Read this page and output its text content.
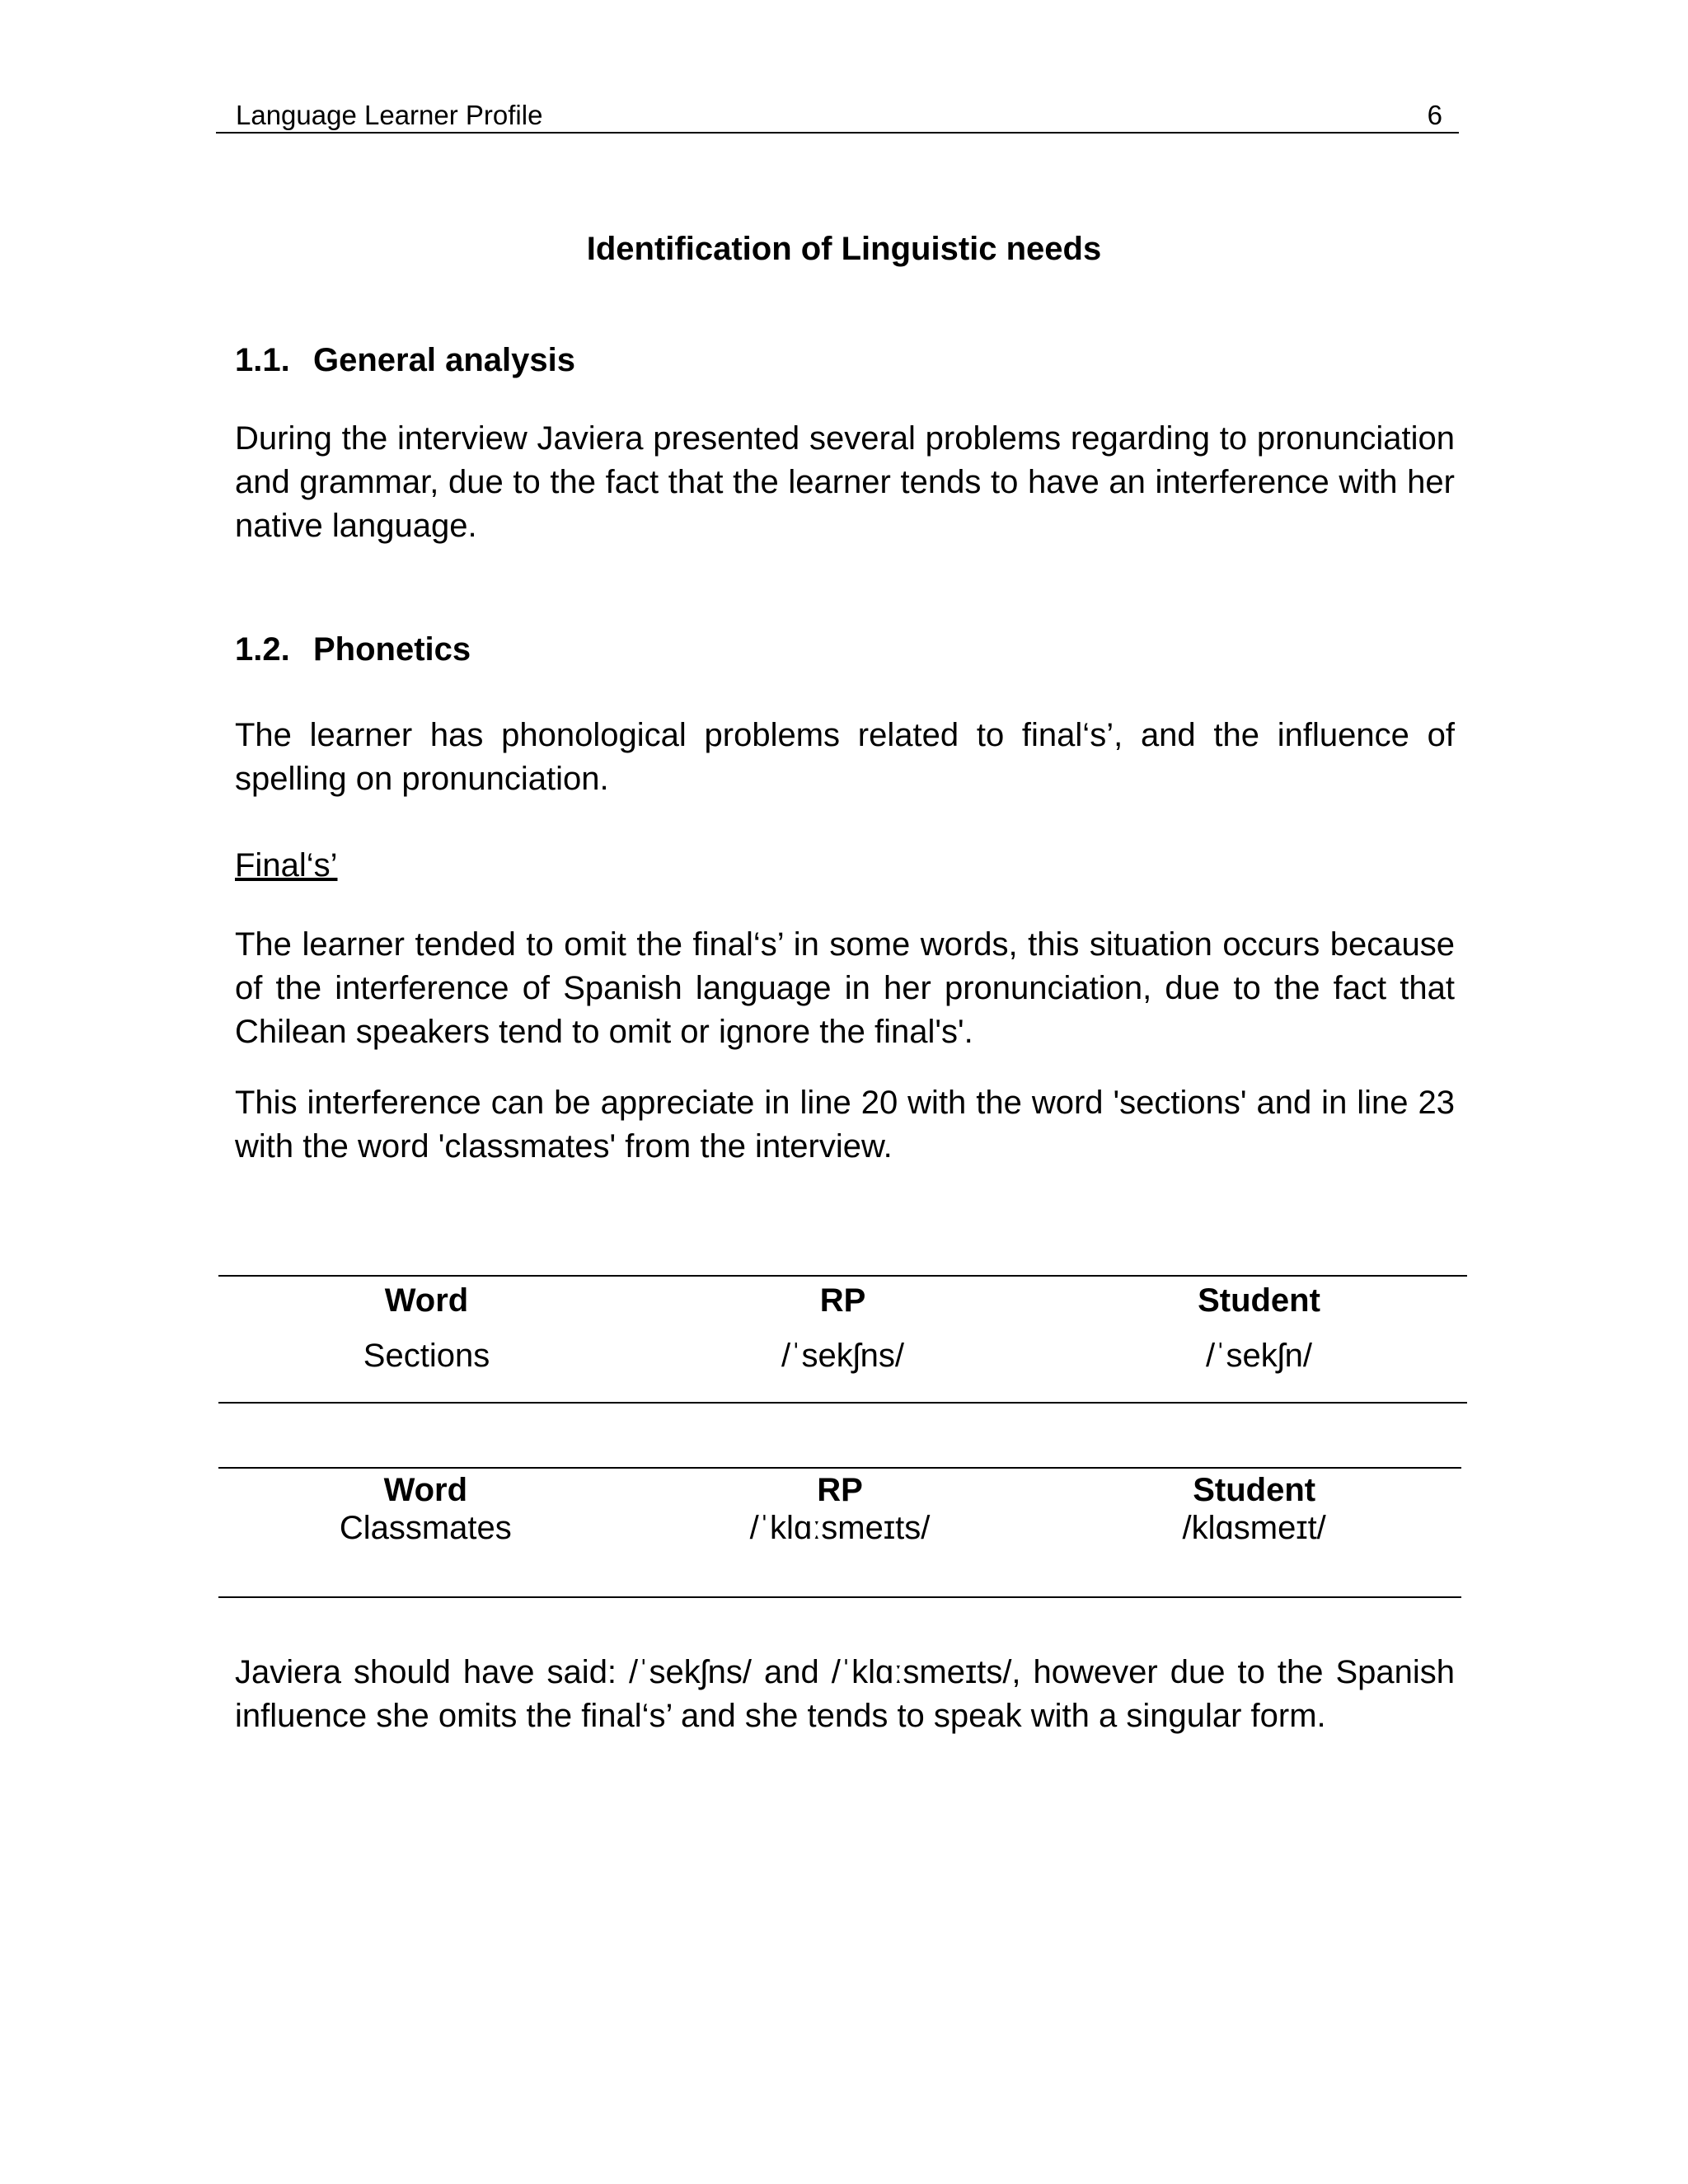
Language Learner Profile	6
Identification of Linguistic needs
1.1. General analysis
During the interview Javiera presented several problems regarding to pronunciation and grammar, due to the fact that the learner tends to have an interference with her native language.
1.2. Phonetics
The learner has phonological problems related to final‘s’, and the influence of spelling on pronunciation.
Final‘s’
The learner tended to omit the final‘s’ in some words, this situation occurs because of the interference of Spanish language in her pronunciation, due to the fact that Chilean speakers tend to omit or ignore the final's'.
This interference can be appreciate in line 20 with the word 'sections' and in line 23 with the word 'classmates' from the interview.
Word	RP	Student
Sections	/ˈsekʃns/	/ˈsekʃn/
Word	RP	Student
Classmates	/ˈklɑːsmeɪts/	/klɑsmeɪt/

Javiera should have said: /ˈsekʃns/ and /ˈklɑːsmeɪts/, however due to the Spanish influence she omits the final‘s’ and she tends to speak with a singular form.
